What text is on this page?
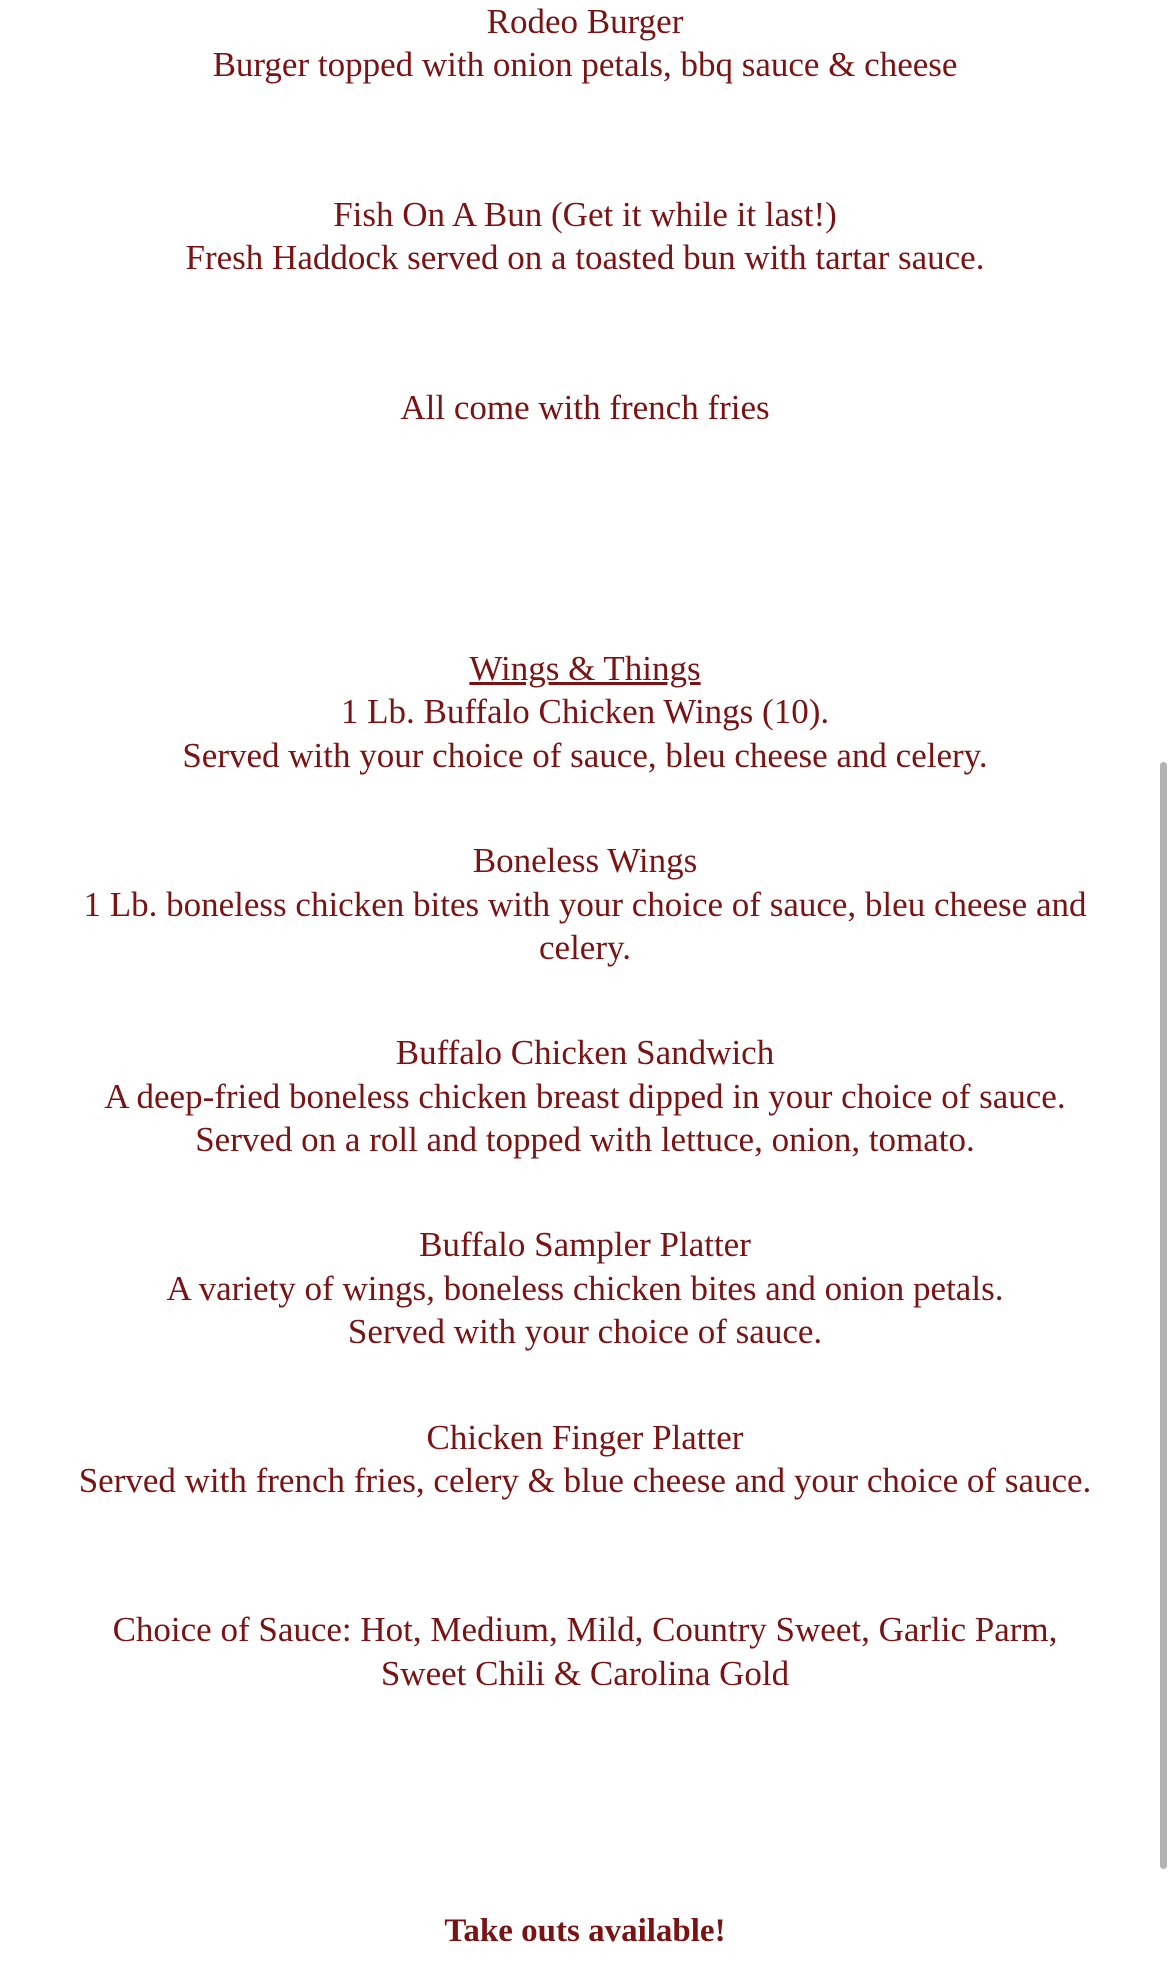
Rodeo Burger

Burger topped with onion petals, bbq sauce & cheese

Fish On A Bun (Get it while it last!)

Fresh Haddock served on a toasted bun with tartar sauce.

All come with french fries

Wings & Things

1 Lb. Buffalo Chicken Wings (10).

Served with your choice of sauce, bleu cheese and celery.

Boneless Wings

1 Lb. boneless chicken bites with your choice of sauce, bleu cheese and celery.

Buffalo Chicken Sandwich

A deep-fried boneless chicken breast dipped in your choice of sauce.

Served on a roll and topped with lettuce, onion, tomato.

Buffalo Sampler Platter

A variety of wings, boneless chicken bites and onion petals.

Served with your choice of sauce.

Chicken Finger Platter

Served with french fries, celery & blue cheese and your choice of sauce.

Choice of Sauce: Hot, Medium, Mild, Country Sweet, Garlic Parm,

Sweet Chili & Carolina Gold

Take outs available!
